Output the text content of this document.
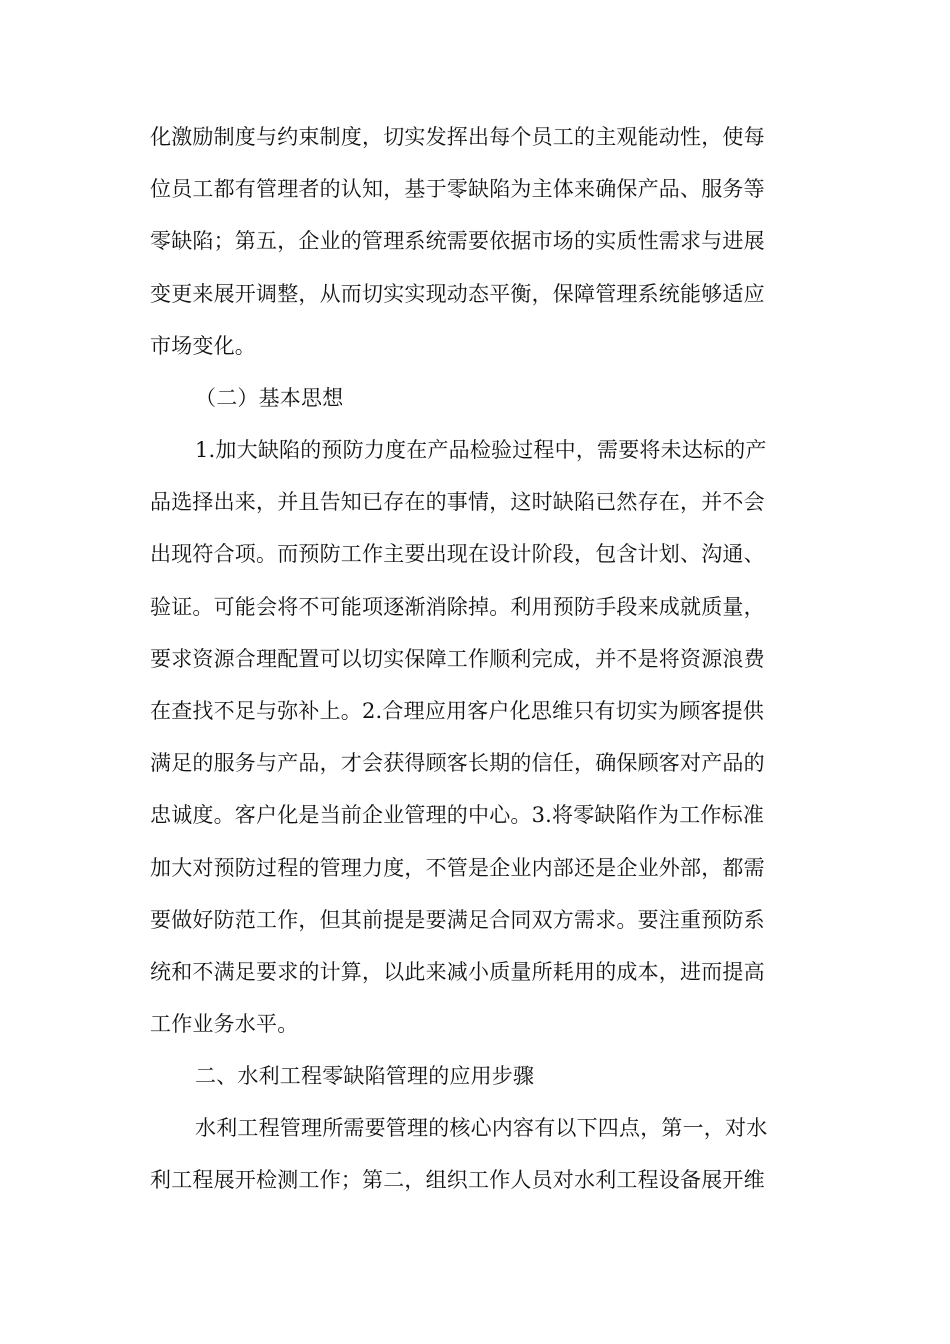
化激励制度与约束制度，切实发挥出每个员工的主观能动性，使每
位员工都有管理者的认知，基于零缺陷为主体来确保产品、服务等
零缺陷；第五，企业的管理系统需要依据市场的实质性需求与进展
变更来展开调整，从而切实实现动态平衡，保障管理系统能够适应
市场变化。
（二）基本思想
1.加大缺陷的预防力度在产品检验过程中，需要将未达标的产
品选择出来，并且告知已存在的事情，这时缺陷已然存在，并不会
出现符合项。而预防工作主要出现在设计阶段，包含计划、沟通、
验证。可能会将不可能项逐渐消除掉。利用预防手段来成就质量，
要求资源合理配置可以切实保障工作顺利完成，并不是将资源浪费
在查找不足与弥补上。2.合理应用客户化思维只有切实为顾客提供
满足的服务与产品，才会获得顾客长期的信任，确保顾客对产品的
忠诚度。客户化是当前企业管理的中心。3.将零缺陷作为工作标准
加大对预防过程的管理力度，不管是企业内部还是企业外部，都需
要做好防范工作，但其前提是要满足合同双方需求。要注重预防系
统和不满足要求的计算，以此来减小质量所耗用的成本，进而提高
工作业务水平。
二、水利工程零缺陷管理的应用步骤
水利工程管理所需要管理的核心内容有以下四点，第一，对水
利工程展开检测工作；第二，组织工作人员对水利工程设备展开维
